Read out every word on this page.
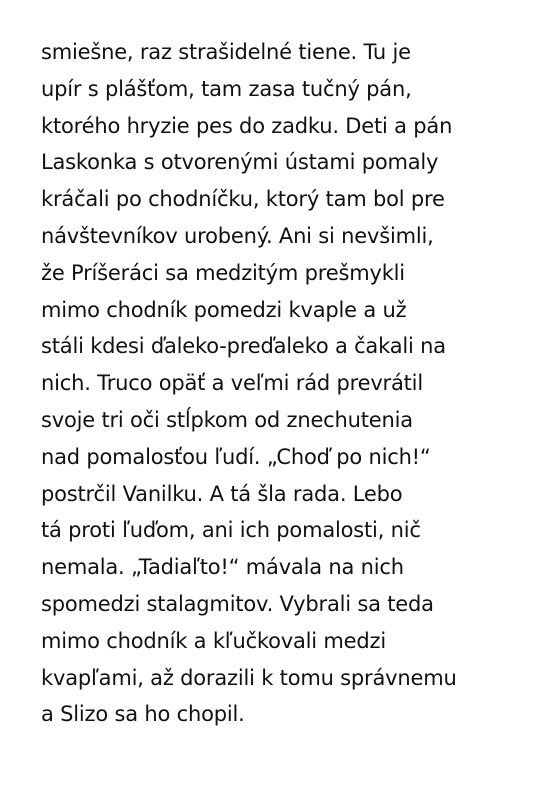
smiešne, raz strašidelné tiene. Tu je
upír s plášťom, tam zasa tučný pán,
ktorého hryzie pes do zadku. Deti a pán
Laskonka s otvorenými ústami pomaly
kráčali po chodníčku, ktorý tam bol pre
návštevníkov urobený. Ani si nevšimli,
že Príšeráci sa medzitým prešmykli
mimo chodník pomedzi kvaple a už
stáli kdesi ďaleko-preďaleko a čakali na
nich. Truco opäť a veľmi rád prevrátil
svoje tri oči stĺpkom od znechutenia
nad pomalosťou ľudí. „Choď po nich!“
postrčil Vanilku. A tá šla rada. Lebo
tá proti ľuďom, ani ich pomalosti, nič
nemala. „Tadiaľto!“ mávala na nich
spomedzi stalagmitov. Vybrali sa teda
mimo chodník a kľučkovali medzi
kvapľami, až dorazili k tomu správnemu
a Slizo sa ho chopil.
